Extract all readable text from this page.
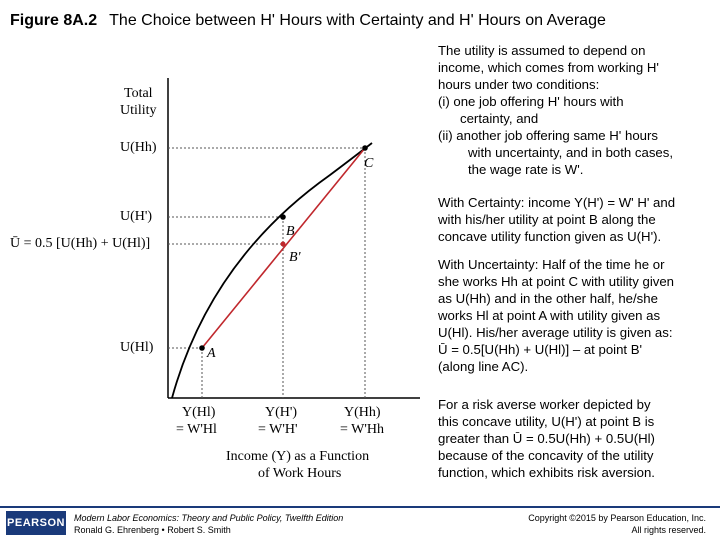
Figure 8A.2 The Choice between H' Hours with Certainty and H' Hours on Average
Total
Utility
U(Hh)
U(H')
Ū = 0.5 [U(Hh) + U(Hl)]
U(Hl)	A
B
B'
C
Y(Hl)
= W'Hl
Y(H')
= W'H'
Y(Hh)
= W'Hh
Income (Y) as a Function
of Work Hours

The utility is assumed to depend on

income, which comes from working H'

hours under two conditions:

(i) one job offering H' hours with

certainty, and

(ii) another job offering same H' hours

with uncertainty, and in both cases,

the wage rate is W'.

With Certainty: income Y(H') = W' H' and

with his/her utility at point B along the

concave utility function given as U(H').

With Uncertainty: Half of the time he or

she works Hh at point C with utility given

as U(Hh) and in the other half, he/she

works Hl at point A with utility given as

U(Hl). His/her average utility is given as:

Ū = 0.5[U(Hh) + U(Hl)] – at point B'

(along line AC).

For a risk averse worker depicted by

this concave utility, U(H') at point B is

greater than Ū = 0.5U(Hh) + 0.5U(Hl)

because of the concavity of the utility

function, which exhibits risk aversion.

PEARSON Modern Labor Economics: Theory and Public Policy, Twelfth Edition
Ronald G. Ehrenberg • Robert S. Smith
Copyright ©2015 by Pearson Education, Inc.
All rights reserved.
